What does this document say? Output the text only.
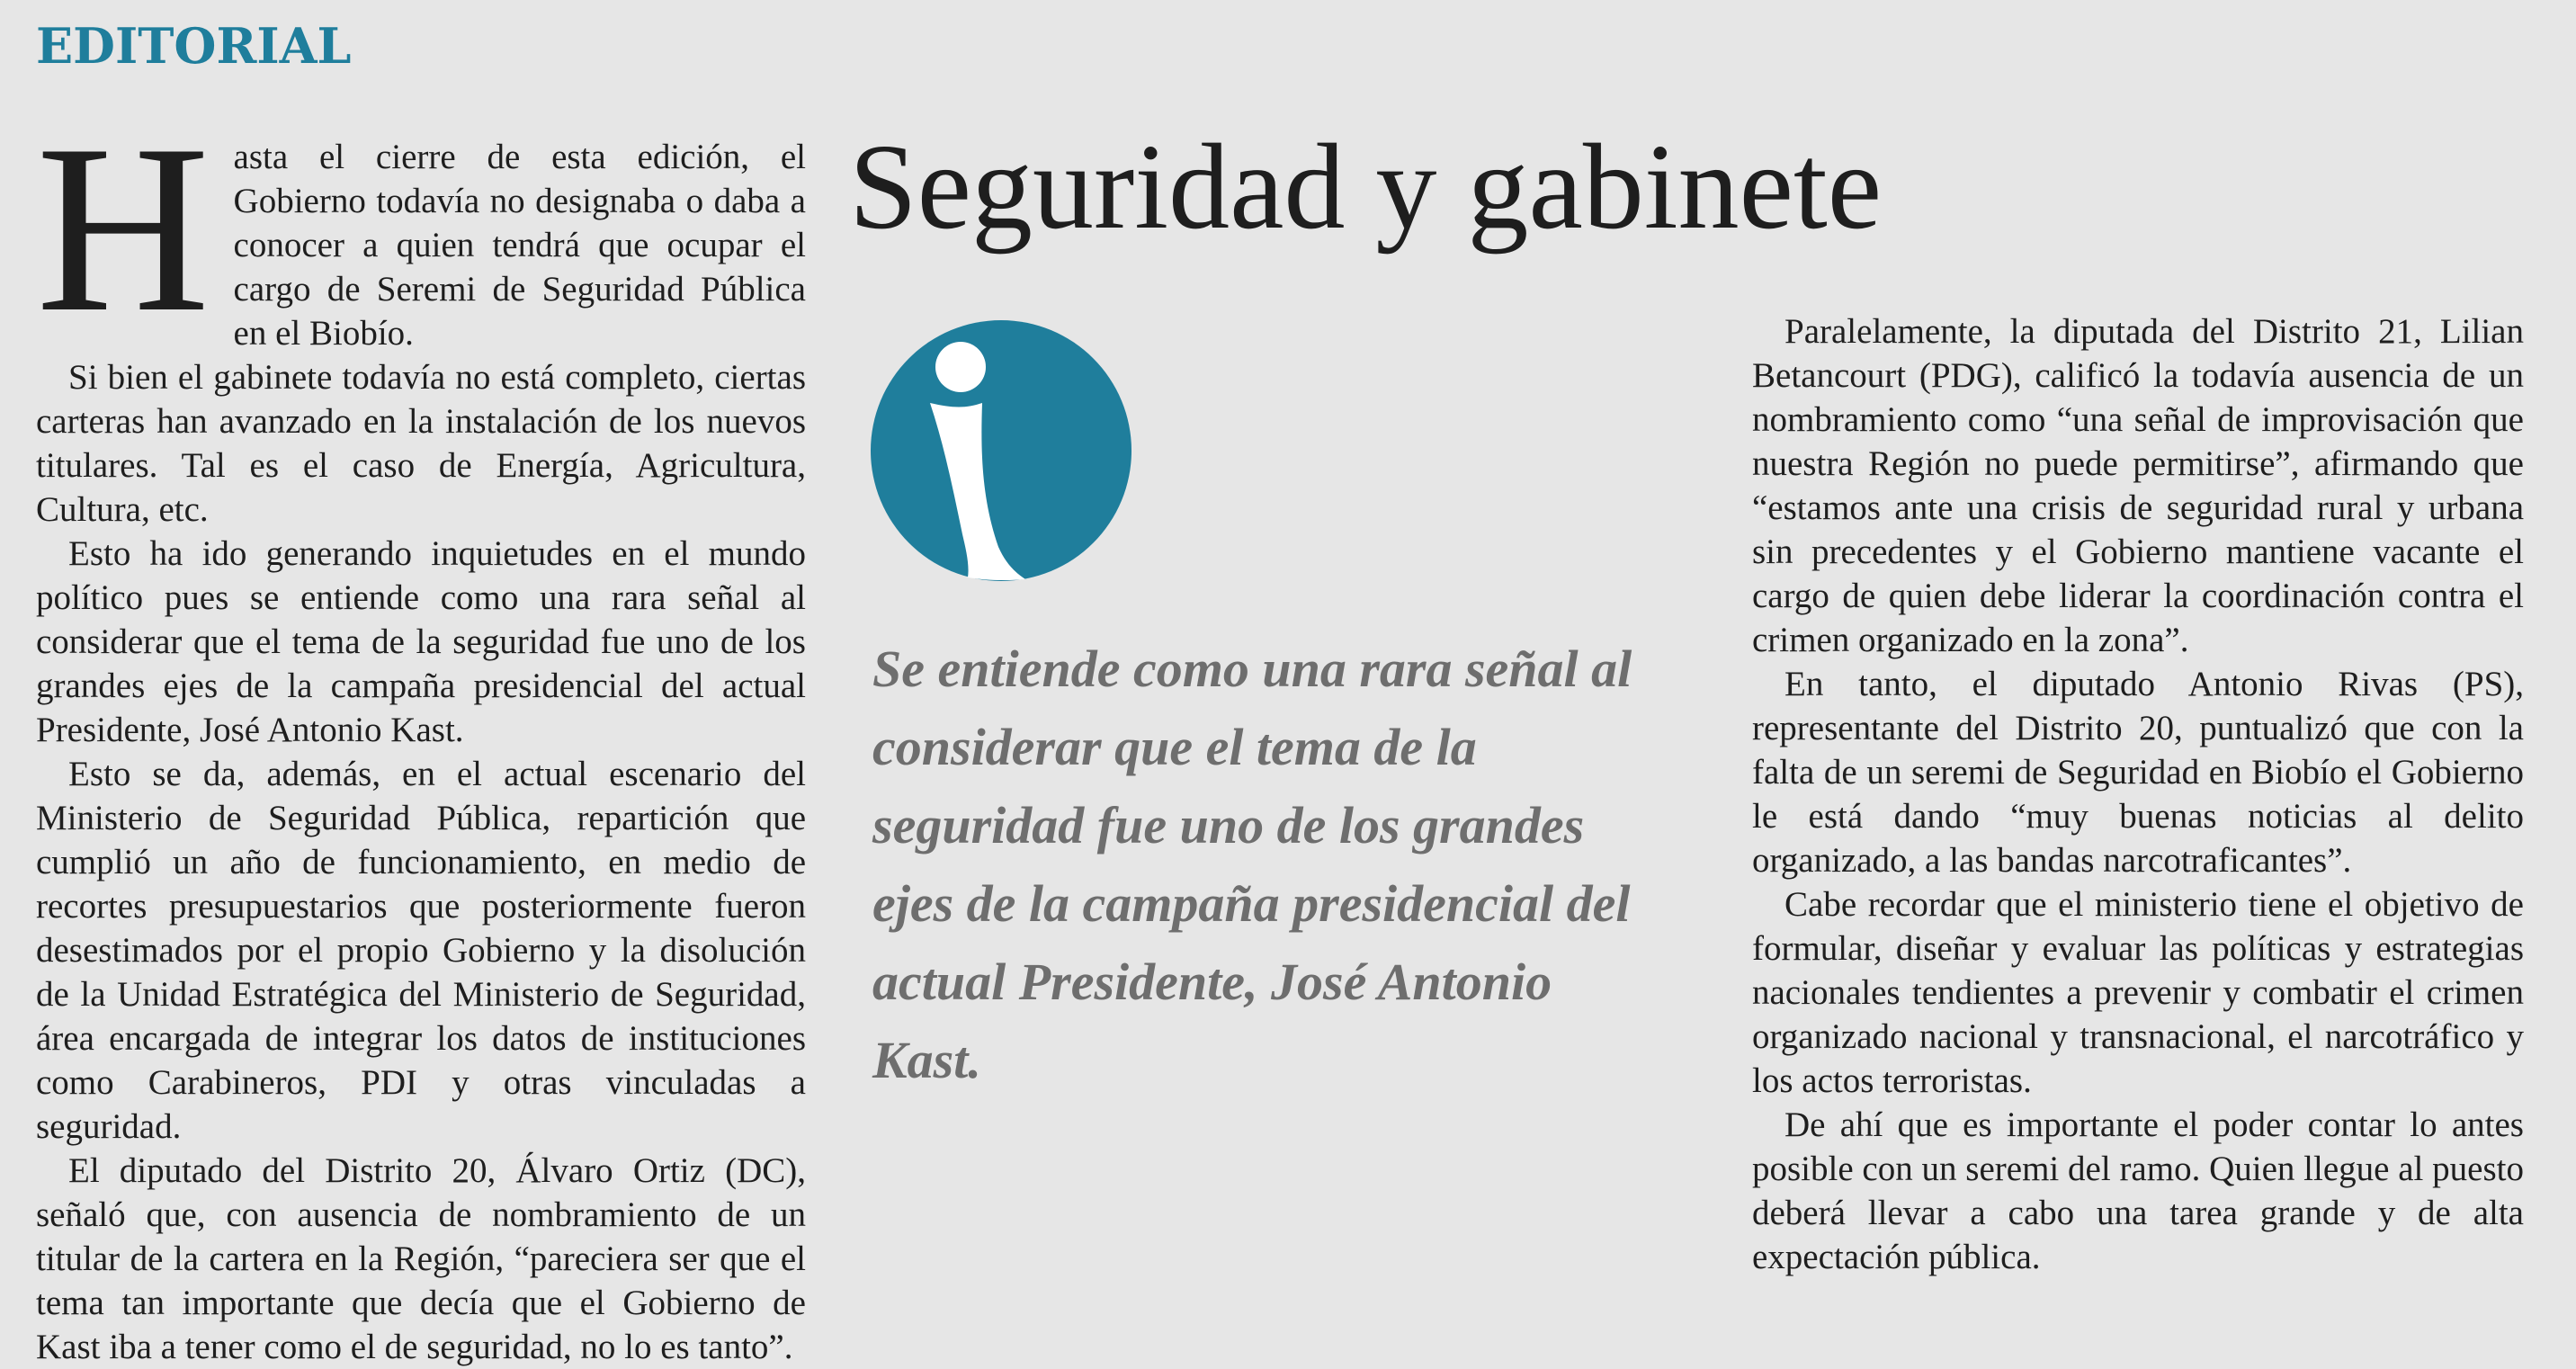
EDITORIAL
H asta el cierre de esta edición, el Gobierno todavía no designaba o daba a conocer a quien tendrá que ocupar el cargo de Seremi de Seguridad Pública en el Biobío.

Si bien el gabinete todavía no está completo, ciertas carteras han avanzado en la instalación de los nuevos titulares. Tal es el caso de Energía, Agricultura, Cultura, etc.

Esto ha ido generando inquietudes en el mundo político pues se entiende como una rara señal al considerar que el tema de la seguridad fue uno de los grandes ejes de la campaña presidencial del actual Presidente, José Antonio Kast.

Esto se da, además, en el actual escenario del Ministerio de Seguridad Pública, repartición que cumplió un año de funcionamiento, en medio de recortes presupuestarios que posteriormente fueron desestimados por el propio Gobierno y la disolución de la Unidad Estratégica del Ministerio de Seguridad, área encargada de integrar los datos de instituciones como Carabineros, PDI y otras vinculadas a seguridad.

El diputado del Distrito 20, Álvaro Ortiz (DC), señaló que, con ausencia de nombramiento de un titular de la cartera en la Región, “pareciera ser que el tema tan importante que decía que el Gobierno de Kast iba a tener como el de seguridad, no lo es tanto”.

Seguridad y gabinete

Se entiende como una rara señal al considerar que el tema de la seguridad fue uno de los grandes ejes de la campaña presidencial del actual Presidente, José Antonio Kast.

Paralelamente, la diputada del Distrito 21, Lilian Betancourt (PDG), calificó la todavía ausencia de un nombramiento como “una señal de improvisación que nuestra Región no puede permitirse”, afirmando que “estamos ante una crisis de seguridad rural y urbana sin precedentes y el Gobierno mantiene vacante el cargo de quien debe liderar la coordinación contra el crimen organizado en la zona”.

En tanto, el diputado Antonio Rivas (PS), representante del Distrito 20, puntualizó que con la falta de un seremi de Seguridad en Biobío el Gobierno le está dando “muy buenas noticias al delito organizado, a las bandas narcotraficantes”.

Cabe recordar que el ministerio tiene el objetivo de formular, diseñar y evaluar las políticas y estrategias nacionales tendientes a prevenir y combatir el crimen organizado nacional y transnacional, el narcotráfico y los actos terroristas.

De ahí que es importante el poder contar lo antes posible con un seremi del ramo. Quien llegue al puesto deberá llevar a cabo una tarea grande y de alta expectación pública.
